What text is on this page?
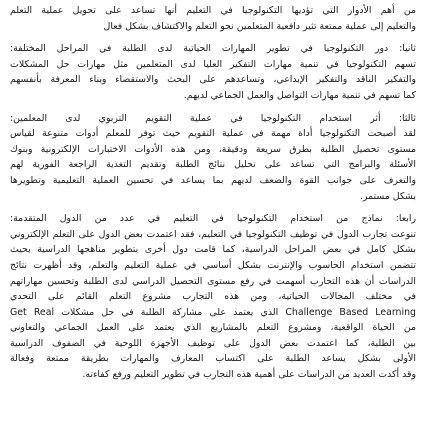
من أهم الأدوار التي تؤديها التكنولوجيا في التعليم أنها تساعد على تحويل عملية التعلم
والتعليم إلى عملية ممتعة تثير دافعية المتعلمين نحو التعلم والاكتشاف بشكل فعال
ثانيا: دور التكنولوجيا في تطوير المهارات الحياتية لدى الطلبة في المراحل المختلفة:
تسهم التكنولوجيا في تنمية مهارات التفكير العليا لدى المتعلمين مثل مهارات حل المشكلات
والتفكير الناقد والتفكير الإبداعي، وتساعدهم على البحث والاستقصاء وبناء المعرفة بأنفسهم
كما تسهم في تنمية مهارات التواصل والعمل الجماعي لديهم.
ثالثا: أثر استخدام التكنولوجيا في عملية التقويم التربوي لدى المعلمين:
لقد أصبحت التكنولوجيا أداة مهمة في عملية التقويم حيث توفر للمعلم أدوات متنوعة لقياس
مستوى تحصيل الطلبة بطرق سريعة ودقيقة، ومن هذه الأدوات الاختبارات الإلكترونية وبنوك
الأسئلة والبرامج التي تساعد على تحليل نتائج الطلبة وتقديم التغذية الراجعة الفورية لهم
والتعرف على جوانب القوة والضعف لديهم بما يساعد في تحسين العملية التعليمية وتطويرها
بشكل مستمر.
رابعا: نماذج من استخدام التكنولوجيا في التعليم في عدد من الدول المتقدمة:
تنوعت تجارب الدول في توظيف التكنولوجيا في التعليم، فقد اعتمدت بعض الدول على التعلم الإلكتروني
بشكل كامل في بعض المراحل الدراسية، كما قامت دول أخرى بتطوير مناهجها الدراسية بحيث
تتضمن استخدام الحاسوب والإنترنت بشكل أساسي في عملية التعليم والتعلم، وقد أظهرت نتائج
الدراسات أن هذه التجارب أسهمت في رفع مستوى التحصيل الدراسي لدى الطلبة وتحسين مهاراتهم
في مختلف المجالات الحياتية، ومن هذه التجارب مشروع التعلم القائم على التحدي
Challenge Based Learning الذي يعتمد على مشاركة الطلبة في حل مشكلات Get Real
من الحياة الواقعية، ومشروع التعلم بالمشاريع الذي يعتمد على العمل الجماعي والتعاوني
بين الطلبة، كما اعتمدت بعض الدول على توظيف الأجهزة اللوحية في الصفوف الدراسية
الأولى بشكل يساعد الطلبة على اكتساب المعارف والمهارات بطريقة ممتعة وفعالة
وقد أكدت العديد من الدراسات على أهمية هذه التجارب في تطوير التعليم ورفع كفاءته.
